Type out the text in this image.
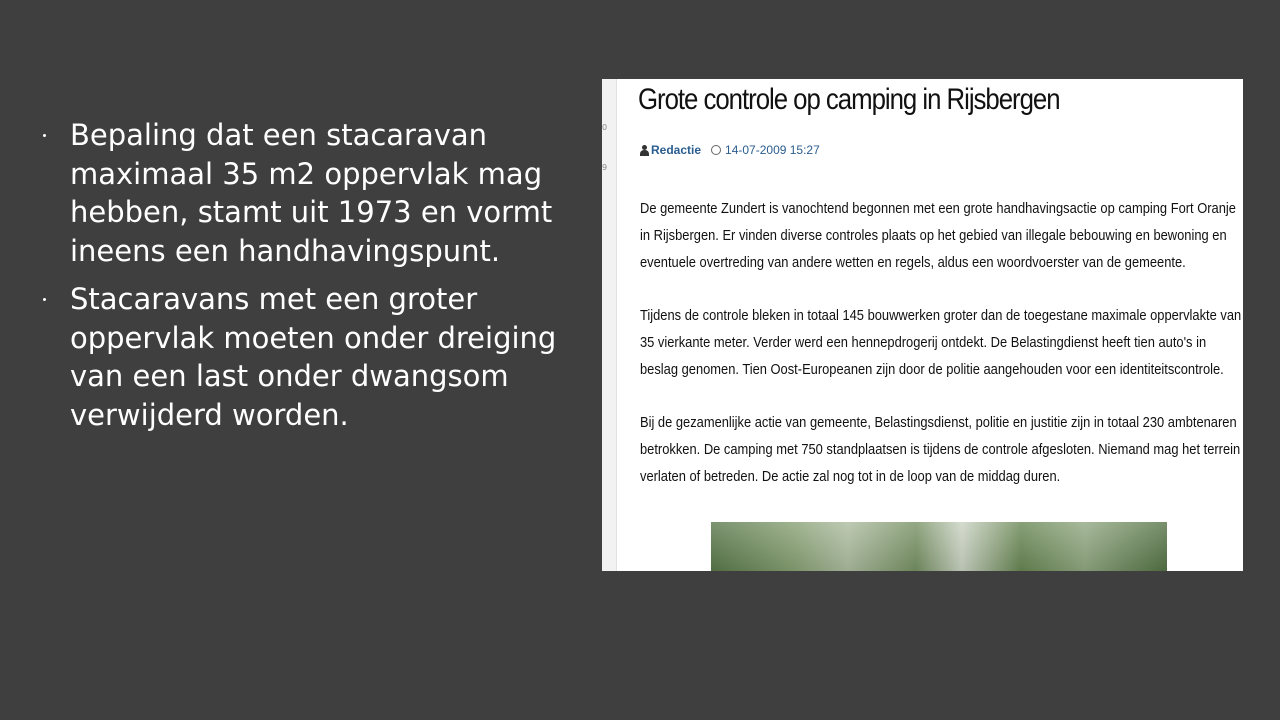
Bepaling dat een stacaravan maximaal 35 m2 oppervlak mag hebben, stamt uit 1973 en vormt ineens een handhavingspunt.
Stacaravans met een groter oppervlak moeten onder dreiging van een last onder dwangsom verwijderd worden.
0
9
Grote controle op camping in Rijsbergen
Redactie 14-07-2009 15:27

De gemeente Zundert is vanochtend begonnen met een grote handhavingsactie op camping Fort Oranje in Rijsbergen. Er vinden diverse controles plaats op het gebied van illegale bebouwing en bewoning en eventuele overtreding van andere wetten en regels, aldus een woordvoerster van de gemeente.

Tijdens de controle bleken in totaal 145 bouwwerken groter dan de toegestane maximale oppervlakte van 35 vierkante meter. Verder werd een hennepdrogerij ontdekt. De Belastingdienst heeft tien auto's in beslag genomen. Tien Oost-Europeanen zijn door de politie aangehouden voor een identiteitscontrole.

Bij de gezamenlijke actie van gemeente, Belastingsdienst, politie en justitie zijn in totaal 230 ambtenaren betrokken. De camping met 750 standplaatsen is tijdens de controle afgesloten. Niemand mag het terrein verlaten of betreden. De actie zal nog tot in de loop van de middag duren.
